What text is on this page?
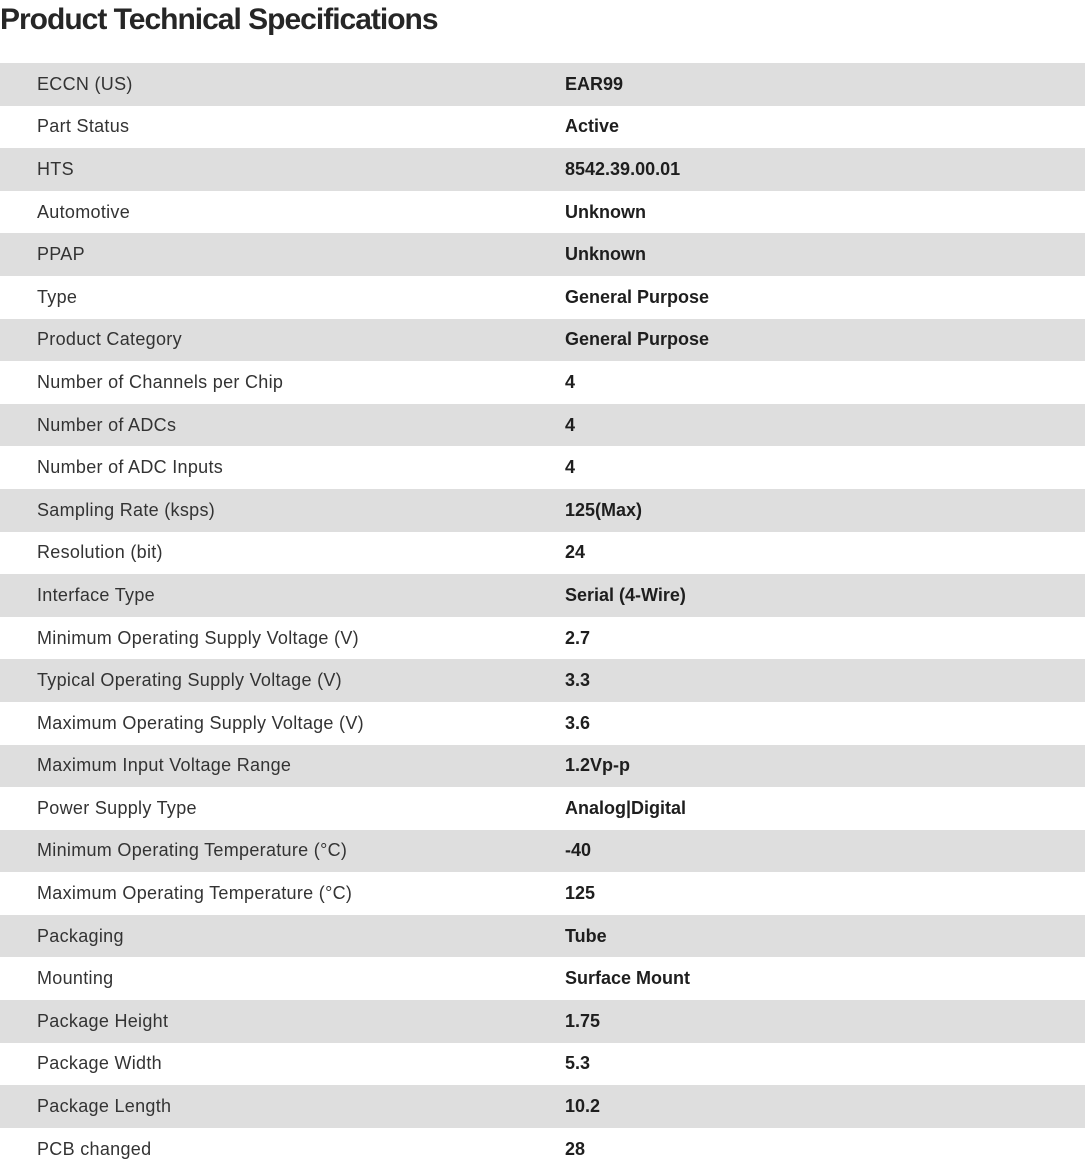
Product Technical Specifications
ECCN (US)	EAR99
Part Status	Active
HTS	8542.39.00.01
Automotive	Unknown
PPAP	Unknown
Type	General Purpose
Product Category	General Purpose
Number of Channels per Chip	4
Number of ADCs	4
Number of ADC Inputs	4
Sampling Rate (ksps)	125(Max)
Resolution (bit)	24
Interface Type	Serial (4-Wire)
Minimum Operating Supply Voltage (V)	2.7
Typical Operating Supply Voltage (V)	3.3
Maximum Operating Supply Voltage (V)	3.6
Maximum Input Voltage Range	1.2Vp-p
Power Supply Type	Analog|Digital
Minimum Operating Temperature (°C)	-40
Maximum Operating Temperature (°C)	125
Packaging	Tube
Mounting	Surface Mount
Package Height	1.75
Package Width	5.3
Package Length	10.2
PCB changed	28
